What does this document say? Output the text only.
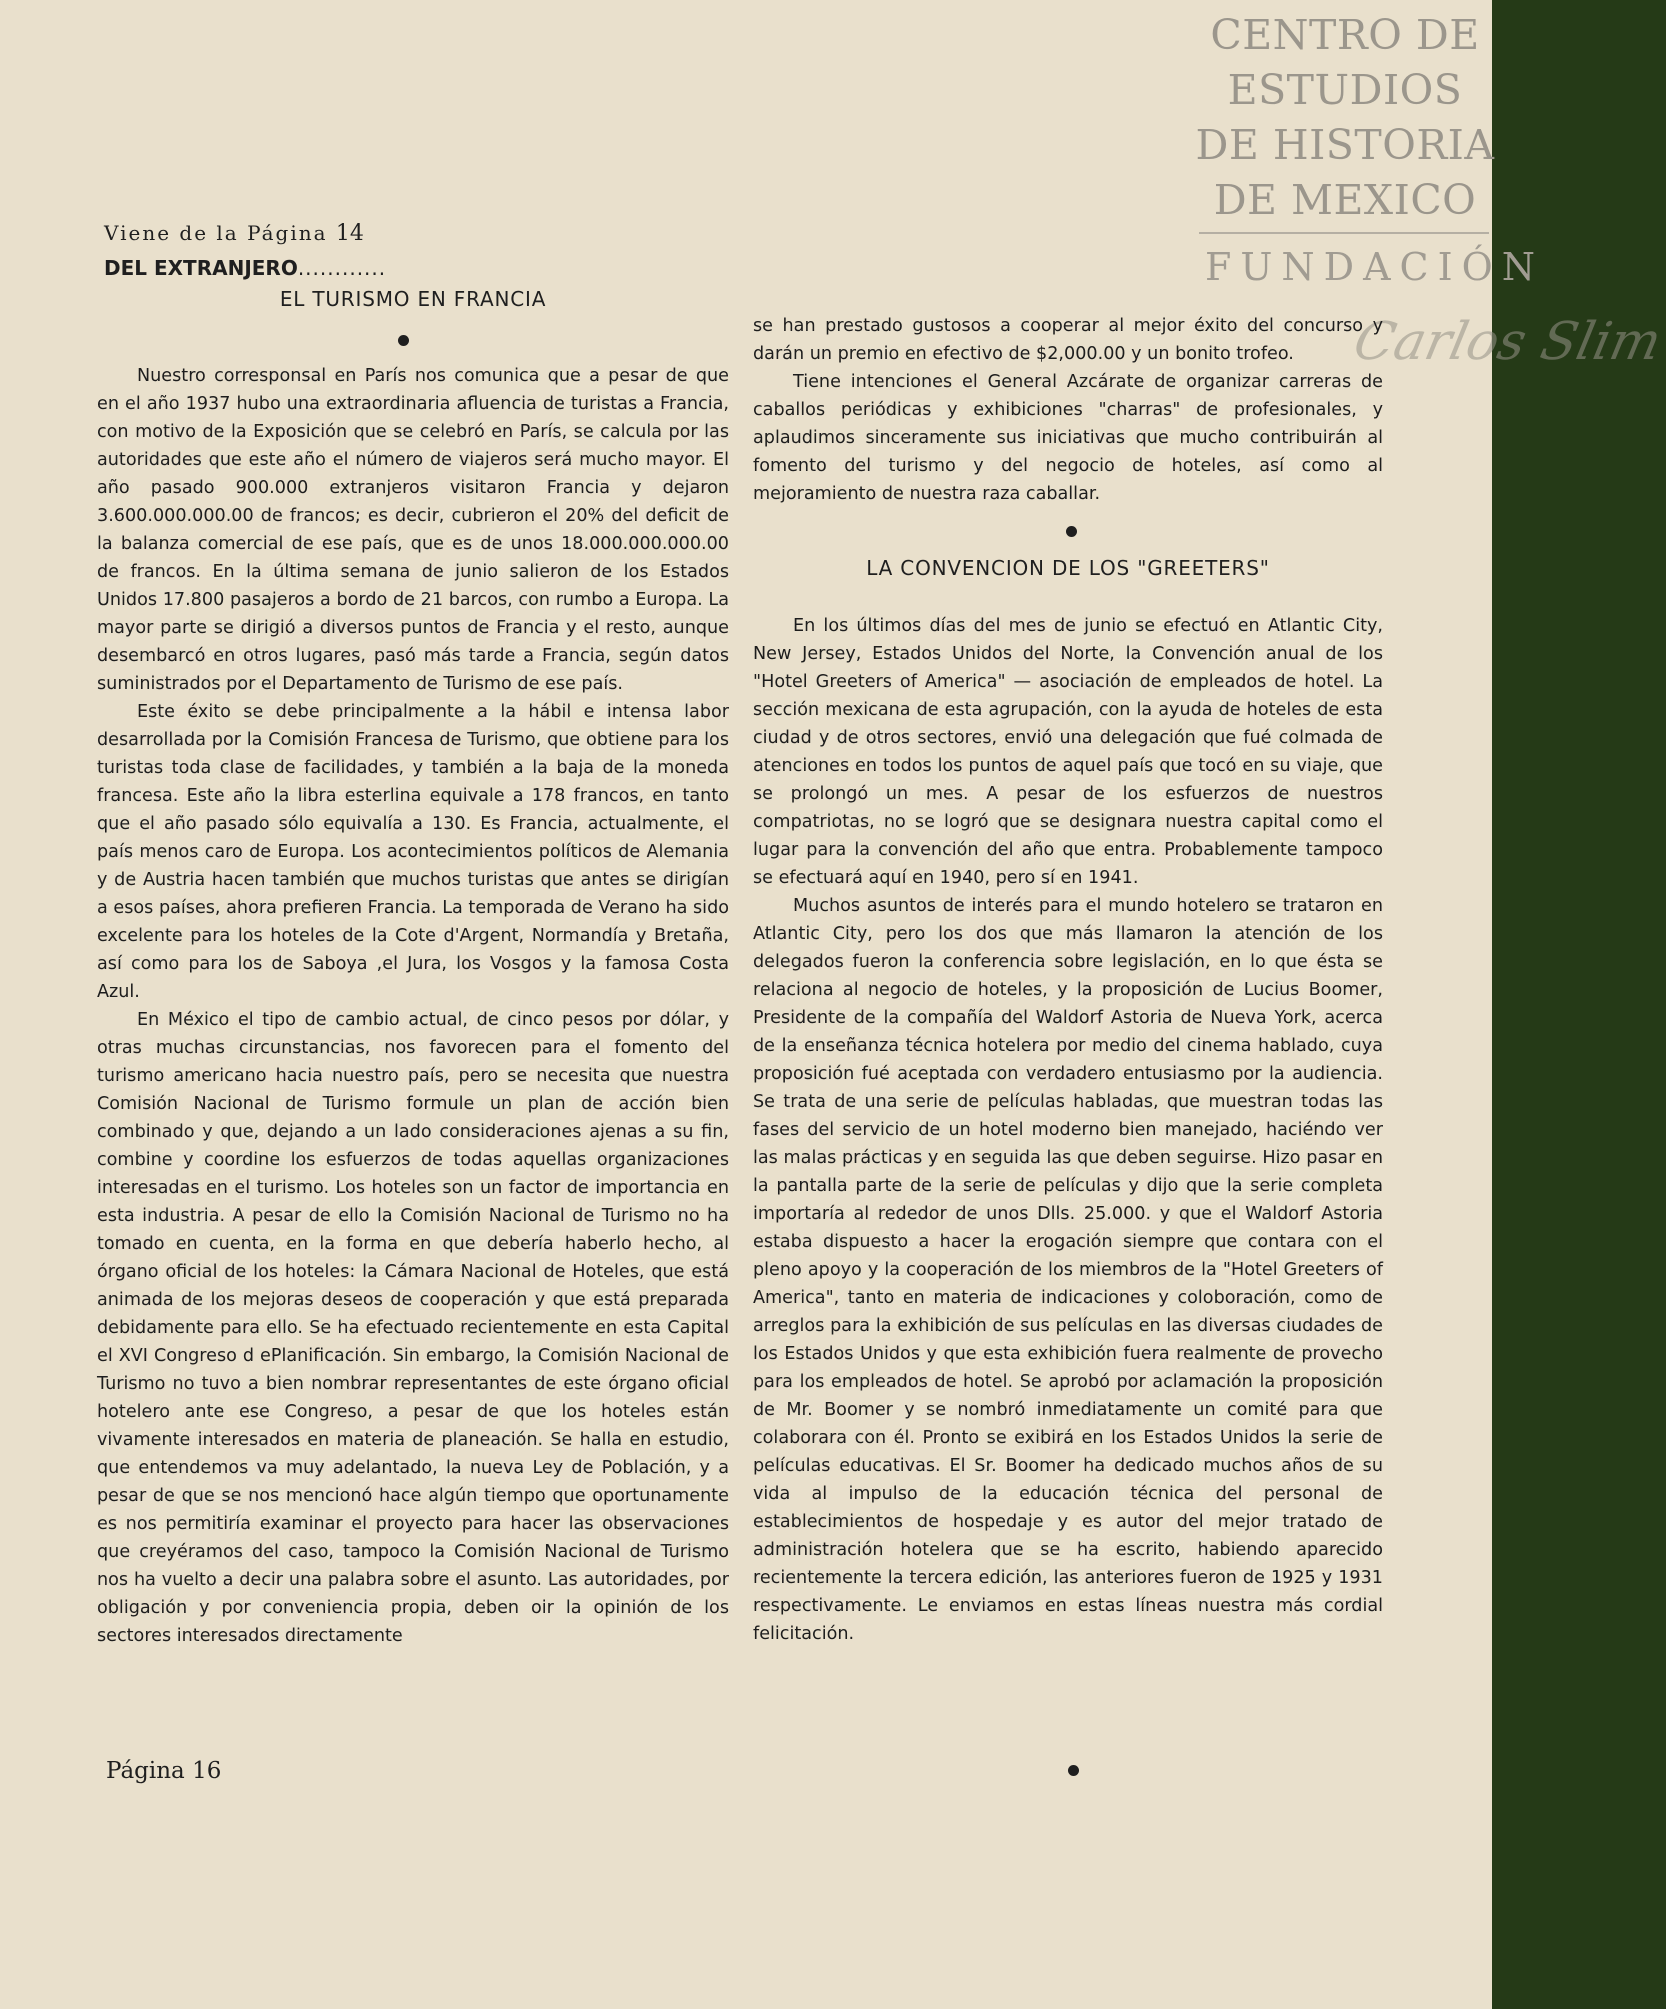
CENTRO DE
ESTUDIOS
DE HISTORIA
DE MEXICO
FUNDACIÓN
Carlos Slim
Viene de la Página 14
DEL EXTRANJERO............
EL TURISMO EN FRANCIA

Nuestro corresponsal en París nos comunica que a pesar de que en el año 1937 hubo una extraordinaria afluencia de turistas a Francia, con motivo de la Exposición que se celebró en París, se calcula por las autoridades que este año el número de viajeros será mucho mayor. El año pasado 900.000 extranjeros visitaron Francia y dejaron 3.600.000.000.00 de francos; es decir, cubrieron el 20% del deficit de la balanza comercial de ese país, que es de unos 18.000.000.000.00 de francos. En la última semana de junio salieron de los Estados Unidos 17.800 pasajeros a bordo de 21 barcos, con rumbo a Europa. La mayor parte se dirigió a diversos puntos de Francia y el resto, aunque desembarcó en otros lugares, pasó más tarde a Francia, según datos suministrados por el Departamento de Turismo de ese país.

Este éxito se debe principalmente a la hábil e intensa labor desarrollada por la Comisión Francesa de Turismo, que obtiene para los turistas toda clase de facilidades, y también a la baja de la moneda francesa. Este año la libra esterlina equivale a 178 francos, en tanto que el año pasado sólo equivalía a 130. Es Francia, actualmente, el país menos caro de Europa. Los acontecimientos políticos de Alemania y de Austria hacen también que muchos turistas que antes se dirigían a esos países, ahora prefieren Francia. La temporada de Verano ha sido excelente para los hoteles de la Cote d'Argent, Normandía y Bretaña, así como para los de Saboya ,el Jura, los Vosgos y la famosa Costa Azul.

En México el tipo de cambio actual, de cinco pesos por dólar, y otras muchas circunstancias, nos favorecen para el fomento del turismo americano hacia nuestro país, pero se necesita que nuestra Comisión Nacional de Turismo formule un plan de acción bien combinado y que, dejando a un lado consideraciones ajenas a su fin, combine y coordine los esfuerzos de todas aquellas organizaciones interesadas en el turismo. Los hoteles son un factor de importancia en esta industria. A pesar de ello la Comisión Nacional de Turismo no ha tomado en cuenta, en la forma en que debería haberlo hecho, al órgano oficial de los hoteles: la Cámara Nacional de Hoteles, que está animada de los mejoras deseos de cooperación y que está preparada debidamente para ello. Se ha efectuado recientemente en esta Capital el XVI Congreso d ePlanificación. Sin embargo, la Comisión Nacional de Turismo no tuvo a bien nombrar representantes de este órgano oficial hotelero ante ese Congreso, a pesar de que los hoteles están vivamente interesados en materia de planeación. Se halla en estudio, que entendemos va muy adelantado, la nueva Ley de Población, y a pesar de que se nos mencionó hace algún tiempo que oportunamente es nos permitiría examinar el proyecto para hacer las observaciones que creyéramos del caso, tampoco la Comisión Nacional de Turismo nos ha vuelto a decir una palabra sobre el asunto. Las autoridades, por obligación y por conveniencia propia, deben oir la opinión de los sectores interesados directamente

se han prestado gustosos a cooperar al mejor éxito del concurso y darán un premio en efectivo de $2,000.00 y un bonito trofeo.

Tiene intenciones el General Azcárate de organizar carreras de caballos periódicas y exhibiciones "charras" de profesionales, y aplaudimos sinceramente sus iniciativas que mucho contribuirán al fomento del turismo y del negocio de hoteles, así como al mejoramiento de nuestra raza caballar.

LA CONVENCION DE LOS "GREETERS"

En los últimos días del mes de junio se efectuó en Atlantic City, New Jersey, Estados Unidos del Norte, la Convención anual de los "Hotel Greeters of America" — asociación de empleados de hotel. La sección mexicana de esta agrupación, con la ayuda de hoteles de esta ciudad y de otros sectores, envió una delegación que fué colmada de atenciones en todos los puntos de aquel país que tocó en su viaje, que se prolongó un mes. A pesar de los esfuerzos de nuestros compatriotas, no se logró que se designara nuestra capital como el lugar para la convención del año que entra. Probablemente tampoco se efectuará aquí en 1940, pero sí en 1941.

Muchos asuntos de interés para el mundo hotelero se trataron en Atlantic City, pero los dos que más llamaron la atención de los delegados fueron la conferencia sobre legislación, en lo que ésta se relaciona al negocio de hoteles, y la proposición de Lucius Boomer, Presidente de la compañía del Waldorf Astoria de Nueva York, acerca de la enseñanza técnica hotelera por medio del cinema hablado, cuya proposición fué aceptada con verdadero entusiasmo por la audiencia. Se trata de una serie de películas habladas, que muestran todas las fases del servicio de un hotel moderno bien manejado, haciéndo ver las malas prácticas y en seguida las que deben seguirse. Hizo pasar en la pantalla parte de la serie de películas y dijo que la serie completa importaría al rededor de unos Dlls. 25.000. y que el Waldorf Astoria estaba dispuesto a hacer la erogación siempre que contara con el pleno apoyo y la cooperación de los miembros de la "Hotel Greeters of America", tanto en materia de indicaciones y coloboración, como de arreglos para la exhibición de sus películas en las diversas ciudades de los Estados Unidos y que esta exhibición fuera realmente de provecho para los empleados de hotel. Se aprobó por aclamación la proposición de Mr. Boomer y se nombró inmediatamente un comité para que colaborara con él. Pronto se exibirá en los Estados Unidos la serie de películas educativas. El Sr. Boomer ha dedicado muchos años de su vida al impulso de la educación técnica del personal de establecimientos de hospedaje y es autor del mejor tratado de administración hotelera que se ha escrito, habiendo aparecido recientemente la tercera edición, las anteriores fueron de 1925 y 1931 respectivamente. Le enviamos en estas líneas nuestra más cordial felicitación.

Página 16
